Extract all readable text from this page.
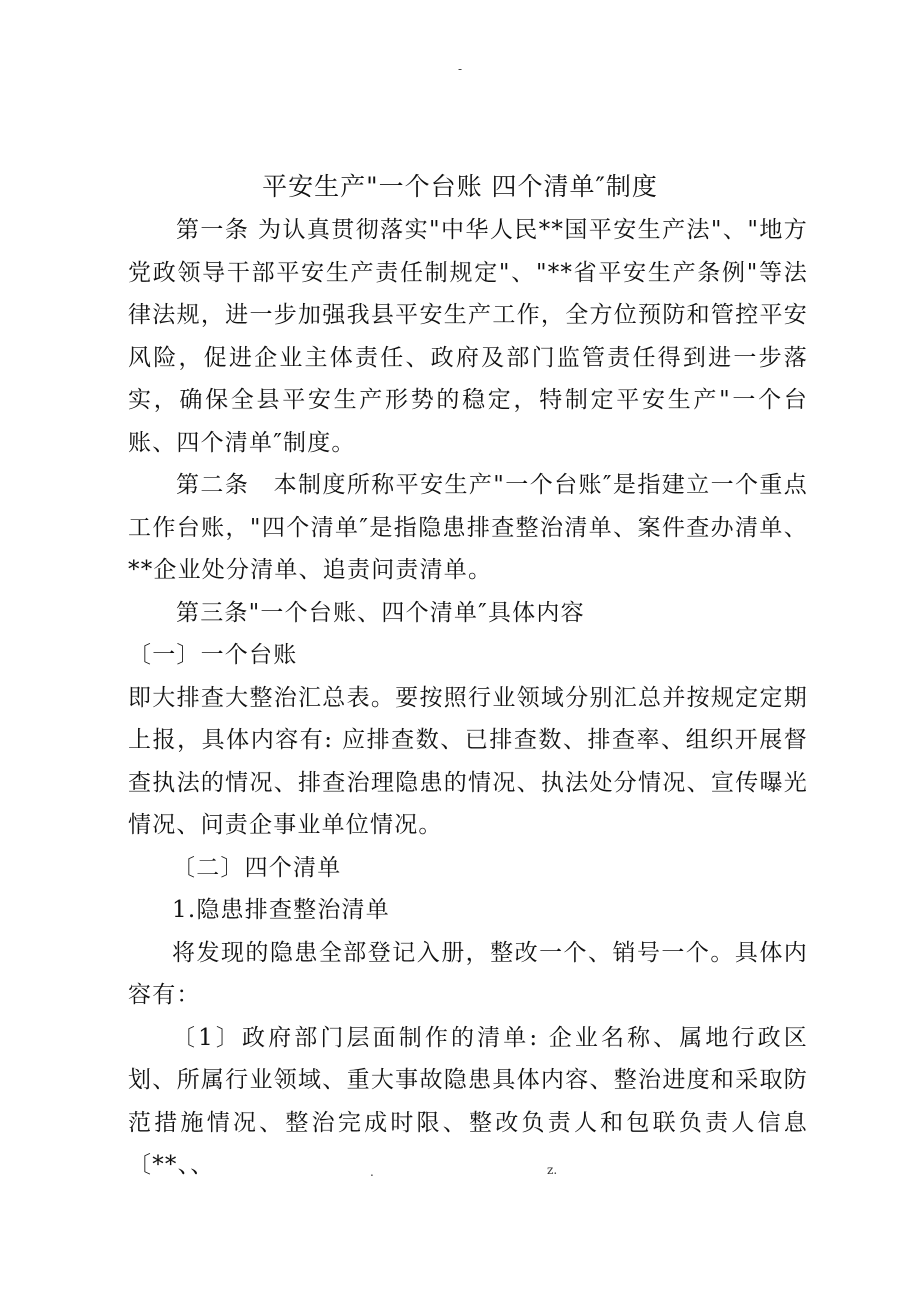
-
平安生产"一个台账 四个清单″制度

第一条 为认真贯彻落实"中华人民**国平安生产法"、"地方党政领导干部平安生产责任制规定"、"**省平安生产条例"等法律法规，进一步加强我县平安生产工作，全方位预防和管控平安风险，促进企业主体责任、政府及部门监管责任得到进一步落实，确保全县平安生产形势的稳定，特制定平安生产"一个台账、四个清单″制度。

第二条　本制度所称平安生产"一个台账″是指建立一个重点工作台账，"四个清单″是指隐患排查整治清单、案件查办清单、**企业处分清单、追责问责清单。

第三条"一个台账、四个清单″具体内容

〔一〕一个台账

即大排查大整治汇总表。要按照行业领域分别汇总并按规定定期上报，具体内容有: 应排查数、已排查数、排查率、组织开展督查执法的情况、排查治理隐患的情况、执法处分情况、宣传曝光情况、问责企事业单位情况。

〔二〕四个清单

1.隐患排查整治清单

将发现的隐患全部登记入册，整改一个、销号一个。具体内容有：

〔1〕政府部门层面制作的清单: 企业名称、属地行政区划、所属行业领域、重大事故隐患具体内容、整治进度和采取防范措施情况、整治完成时限、整改负责人和包联负责人信息〔**、、	.	z.
